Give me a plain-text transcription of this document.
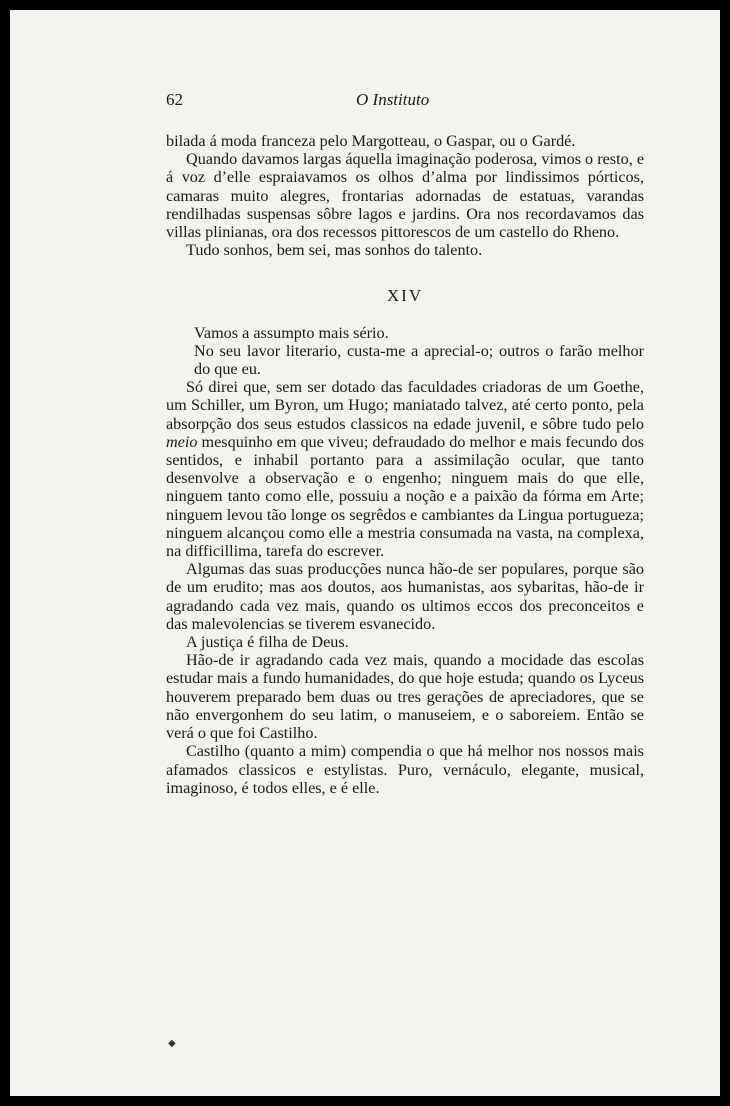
62	O Instituto

bilada á moda franceza pelo Margotteau, o Gaspar, ou o Gardé.

Quando davamos largas áquella imaginação poderosa, vimos o resto, e á voz d’elle espraiavamos os olhos d’alma por lindissimos pórticos, camaras muito alegres, frontarias adornadas de estatuas, varandas rendilhadas suspensas sôbre lagos e jardins. Ora nos recordavamos das villas plinianas, ora dos recessos pittorescos de um castello do Rheno.

Tudo sonhos, bem sei, mas sonhos do talento.

XIV

Vamos a assumpto mais sério.

No seu lavor literario, custa-me a aprecial-o; outros o farão melhor do que eu.

Só direi que, sem ser dotado das faculdades criadoras de um Goethe, um Schiller, um Byron, um Hugo; maniatado talvez, até certo ponto, pela absorpção dos seus estudos classicos na edade juvenil, e sôbre tudo pelo meio mesquinho em que viveu; defraudado do melhor e mais fecundo dos sentidos, e inhabil portanto para a assimilação ocular, que tanto desenvolve a observação e o engenho; ninguem mais do que elle, ninguem tanto como elle, possuiu a noção e a paixão da fórma em Arte; ninguem levou tão longe os segrêdos e cambiantes da Lingua portugueza; ninguem alcançou como elle a mestria consumada na vasta, na complexa, na difficillima, tarefa do escrever.

Algumas das suas producções nunca hão-de ser populares, porque são de um erudito; mas aos doutos, aos humanistas, aos sybaritas, hão-de ir agradando cada vez mais, quando os ultimos eccos dos preconceitos e das malevolencias se tiverem esvanecido.

A justiça é filha de Deus.

Hão-de ir agradando cada vez mais, quando a mocidade das escolas estudar mais a fundo humanidades, do que hoje estuda; quando os Lyceus houverem preparado bem duas ou tres gerações de apreciadores, que se não envergonhem do seu latim, o manuseiem, e o saboreiem. Então se verá o que foi Castilho.

Castilho (quanto a mim) compendia o que há melhor nos nossos mais afamados classicos e estylistas. Puro, vernáculo, elegante, musical, imaginoso, é todos elles, e é elle.

◆
